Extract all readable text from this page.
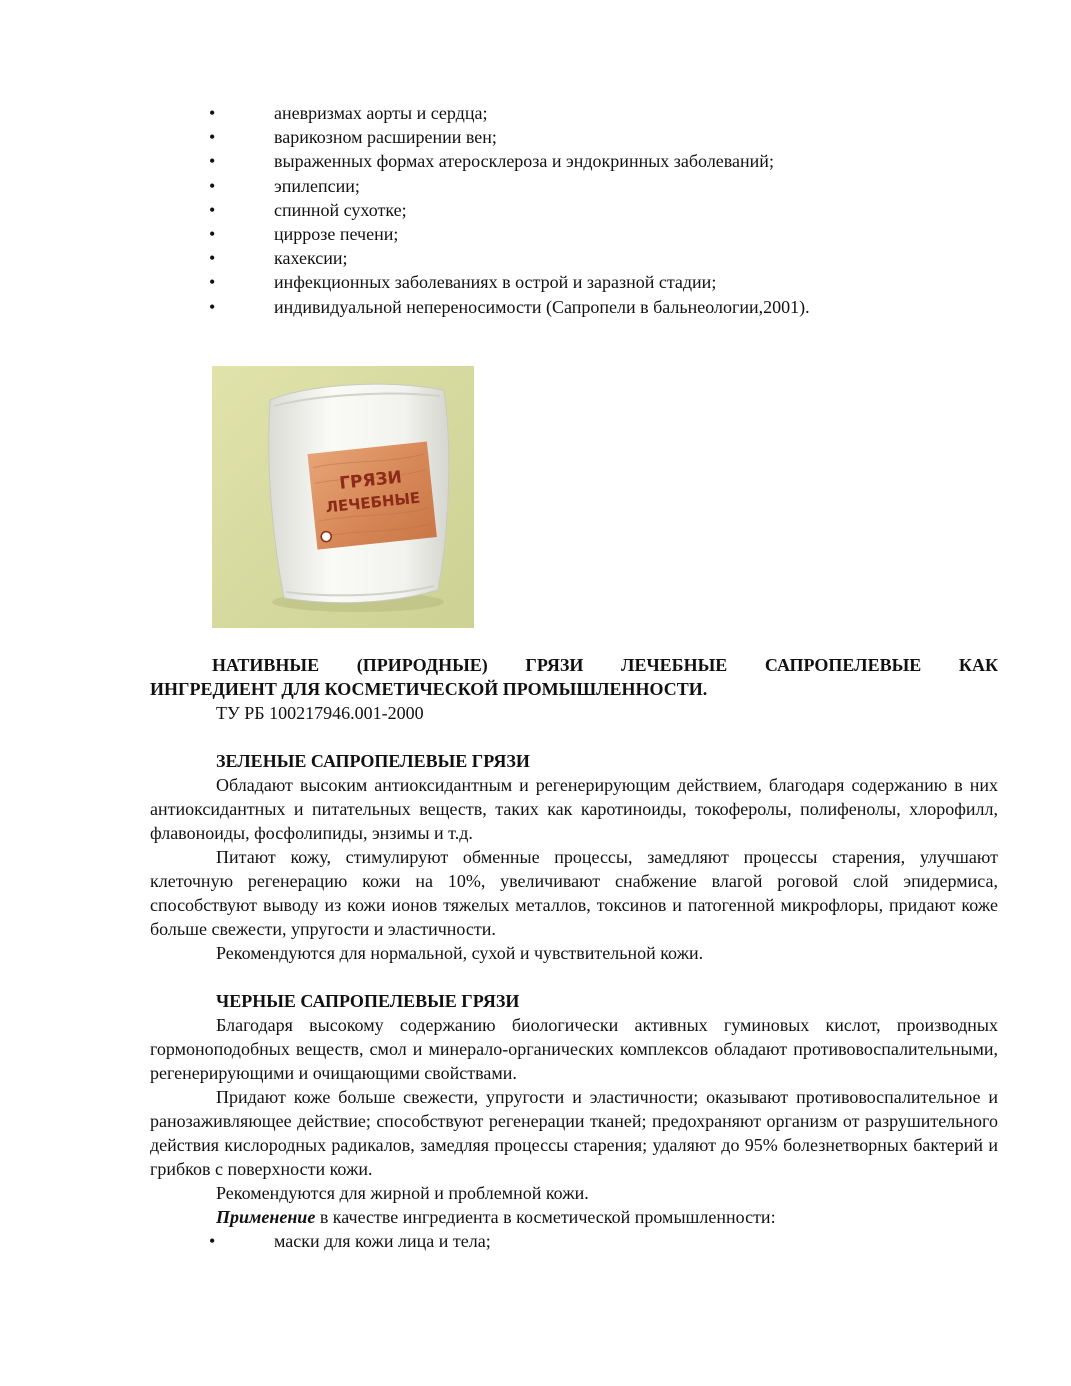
•	аневризмах аорты и сердца;
•	варикозном расширении вен;
•	выраженных формах атеросклероза и эндокринных заболеваний;
•	эпилепсии;
•	спинной сухотке;
•	циррозе печени;
•	кахексии;
•	инфекционных заболеваниях в острой и заразной стадии;
•	индивидуальной непереносимости (Сапропели в бальнеологии,2001).
ГРЯЗИ
ЛЕЧЕБНЫЕ
НАТИВНЫЕ (ПРИРОДНЫЕ) ГРЯЗИ ЛЕЧЕБНЫЕ САПРОПЕЛЕВЫЕ КАК
ИНГРЕДИЕНТ ДЛЯ КОСМЕТИЧЕСКОЙ ПРОМЫШЛЕННОСТИ.

ТУ РБ 100217946.001-2000

ЗЕЛЕНЫЕ САПРОПЕЛЕВЫЕ ГРЯЗИ

Обладают высоким антиоксидантным и регенерирующим действием, благодаря содержанию в них антиоксидантных и питательных веществ, таких как каротиноиды, токоферолы, полифенолы, хлорофилл, флавоноиды, фосфолипиды, энзимы и т.д.

Питают кожу, стимулируют обменные процессы, замедляют процессы старения, улучшают клеточную регенерацию кожи на 10%, увеличивают снабжение влагой роговой слой эпидермиса, способствуют выводу из кожи ионов тяжелых металлов, токсинов и патогенной микрофлоры, придают коже больше свежести, упругости и эластичности.

Рекомендуются для нормальной, сухой и чувствительной кожи.

ЧЕРНЫЕ САПРОПЕЛЕВЫЕ ГРЯЗИ

Благодаря высокому содержанию биологически активных гуминовых кислот, производных гормоноподобных веществ, смол и минерало-органических комплексов обладают противовоспалительными, регенерирующими и очищающими свойствами.

Придают коже больше свежести, упругости и эластичности; оказывают противовоспалительное и ранозаживляющее действие; способствуют регенерации тканей; предохраняют организм от разрушительного действия кислородных радикалов, замедляя процессы старения; удаляют до 95% болезнетворных бактерий и грибков с поверхности кожи.

Рекомендуются для жирной и проблемной кожи.

Применение в качестве ингредиента в косметической промышленности:

•	маски для кожи лица и тела;
